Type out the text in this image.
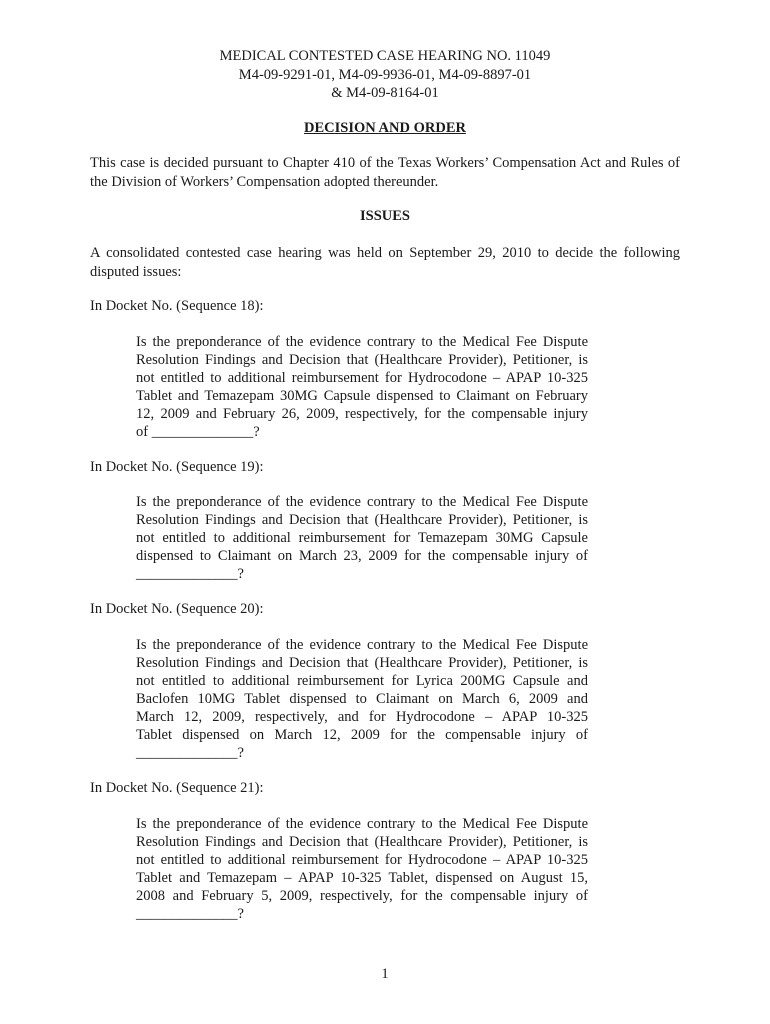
MEDICAL CONTESTED CASE HEARING NO. 11049
M4-09-9291-01, M4-09-9936-01, M4-09-8897-01
& M4-09-8164-01
DECISION AND ORDER
This case is decided pursuant to Chapter 410 of the Texas Workers’ Compensation Act and Rules of the Division of Workers’ Compensation adopted thereunder.
ISSUES
A consolidated contested case hearing was held on September 29, 2010 to decide the following disputed issues:
In Docket No. (Sequence 18):
Is the preponderance of the evidence contrary to the Medical Fee Dispute
Resolution Findings and Decision that (Healthcare Provider), Petitioner, is
not entitled to additional reimbursement for Hydrocodone – APAP 10-325
Tablet and Temazepam 30MG Capsule dispensed to Claimant on February
12, 2009 and February 26, 2009, respectively, for the compensable injury
of ______________?
In Docket No. (Sequence 19):
Is the preponderance of the evidence contrary to the Medical Fee Dispute
Resolution Findings and Decision that (Healthcare Provider), Petitioner, is
not entitled to additional reimbursement for Temazepam 30MG Capsule
dispensed to Claimant on March 23, 2009 for the compensable injury of
______________?
In Docket No. (Sequence 20):
Is the preponderance of the evidence contrary to the Medical Fee Dispute
Resolution Findings and Decision that (Healthcare Provider), Petitioner, is
not entitled to additional reimbursement for Lyrica 200MG Capsule and
Baclofen 10MG Tablet dispensed to Claimant on March 6, 2009 and
March 12, 2009, respectively, and for Hydrocodone – APAP 10-325
Tablet dispensed on March 12, 2009 for the compensable injury of
______________?
In Docket No. (Sequence 21):
Is the preponderance of the evidence contrary to the Medical Fee Dispute
Resolution Findings and Decision that (Healthcare Provider), Petitioner, is
not entitled to additional reimbursement for Hydrocodone – APAP 10-325
Tablet and Temazepam – APAP 10-325 Tablet, dispensed on August 15,
2008 and February 5, 2009, respectively, for the compensable injury of
______________?
1
